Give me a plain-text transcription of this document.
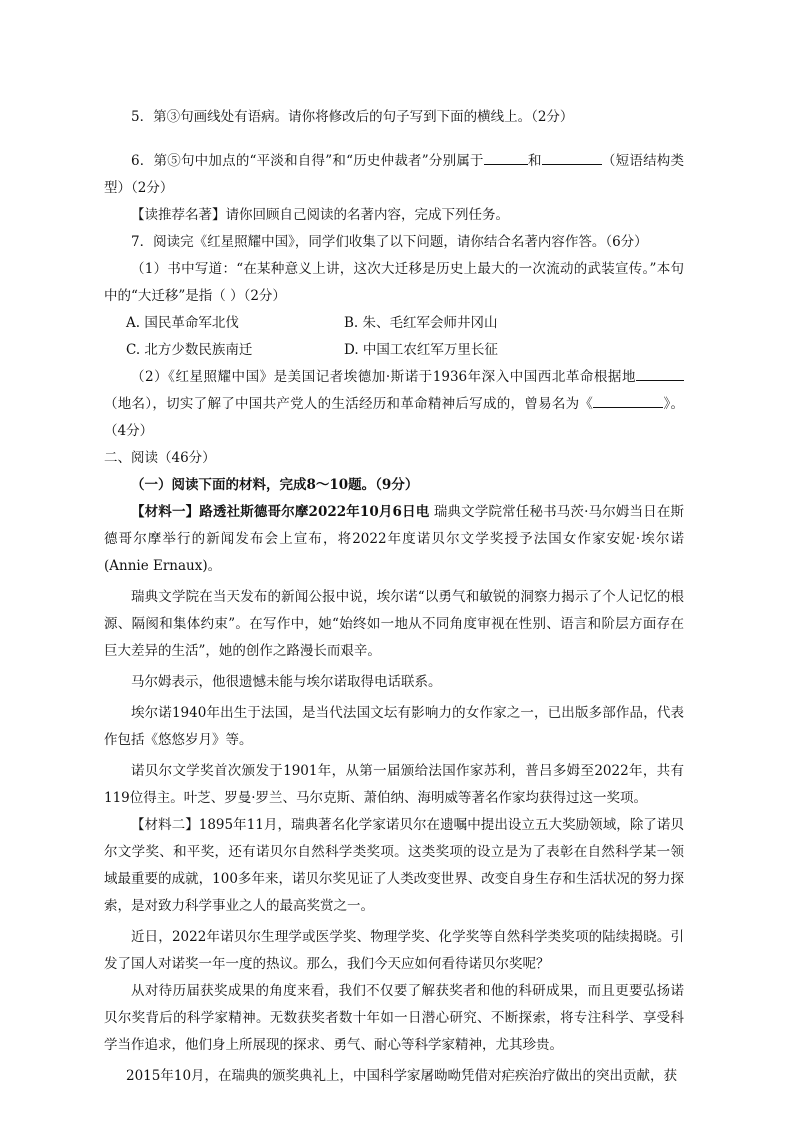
5．第③句画线处有语病。请你将修改后的句子写到下面的横线上。（2分）

6．第⑤句中加点的“平淡和自得”和“历史仲裁者”分别属于	和	（短语结构类型）（2分）

【读推荐名著】请你回顾自己阅读的名著内容，完成下列任务。

7．阅读完《红星照耀中国》，同学们收集了以下问题，请你结合名著内容作答。（6分）

（1）书中写道：“在某种意义上讲，这次大迁移是历史上最大的一次流动的武装宣传。”本句中的“大迁移”是指（ ）（2分）

A. 国民革命军北伐	B. 朱、毛红军会师井冈山
C. 北方少数民族南迁	D. 中国工农红军万里长征

（2）《红星照耀中国》是美国记者埃德加·斯诺于1936年深入中国西北革命根据地（地名），切实了解了中国共产党人的生活经历和革命精神后写成的，曾易名为《	》。（4分）

二、阅读（46分）

（一）阅读下面的材料，完成8～10题。（9分）

【材料一】路透社斯德哥尔摩2022年10月6日电 瑞典文学院常任秘书马茨·马尔姆当日在斯德哥尔摩举行的新闻发布会上宣布，将2022年度诺贝尔文学奖授予法国女作家安妮·埃尔诺(Annie Ernaux)。

瑞典文学院在当天发布的新闻公报中说，埃尔诺“以勇气和敏锐的洞察力揭示了个人记忆的根源、隔阂和集体约束”。在写作中，她“始终如一地从不同角度审视在性别、语言和阶层方面存在巨大差异的生活”，她的创作之路漫长而艰辛。

马尔姆表示，他很遗憾未能与埃尔诺取得电话联系。

埃尔诺1940年出生于法国，是当代法国文坛有影响力的女作家之一，已出版多部作品，代表作包括《悠悠岁月》等。

诺贝尔文学奖首次颁发于1901年，从第一届颁给法国作家苏利，普吕多姆至2022年，共有119位得主。叶芝、罗曼·罗兰、马尔克斯、萧伯纳、海明威等著名作家均获得过这一奖项。

【材料二】1895年11月，瑞典著名化学家诺贝尔在遗嘱中提出设立五大奖励领域，除了诺贝尔文学奖、和平奖，还有诺贝尔自然科学类奖项。这类奖项的设立是为了表彰在自然科学某一领域最重要的成就，100多年来，诺贝尔奖见证了人类改变世界、改变自身生存和生活状况的努力探索，是对致力科学事业之人的最高奖赏之一。

近日，2022年诺贝尔生理学或医学奖、物理学奖、化学奖等自然科学类奖项的陆续揭晓。引发了国人对诺奖一年一度的热议。那么，我们今天应如何看待诺贝尔奖呢？

从对待历届获奖成果的角度来看，我们不仅要了解获奖者和他的科研成果，而且更要弘扬诺贝尔奖背后的科学家精神。无数获奖者数十年如一日潜心研究、不断探索，将专注科学、享受科学当作追求，他们身上所展现的探求、勇气、耐心等科学家精神，尤其珍贵。

2015年10月，在瑞典的颁奖典礼上，中国科学家屠呦呦凭借对疟疾治疗做出的突出贡献，获
